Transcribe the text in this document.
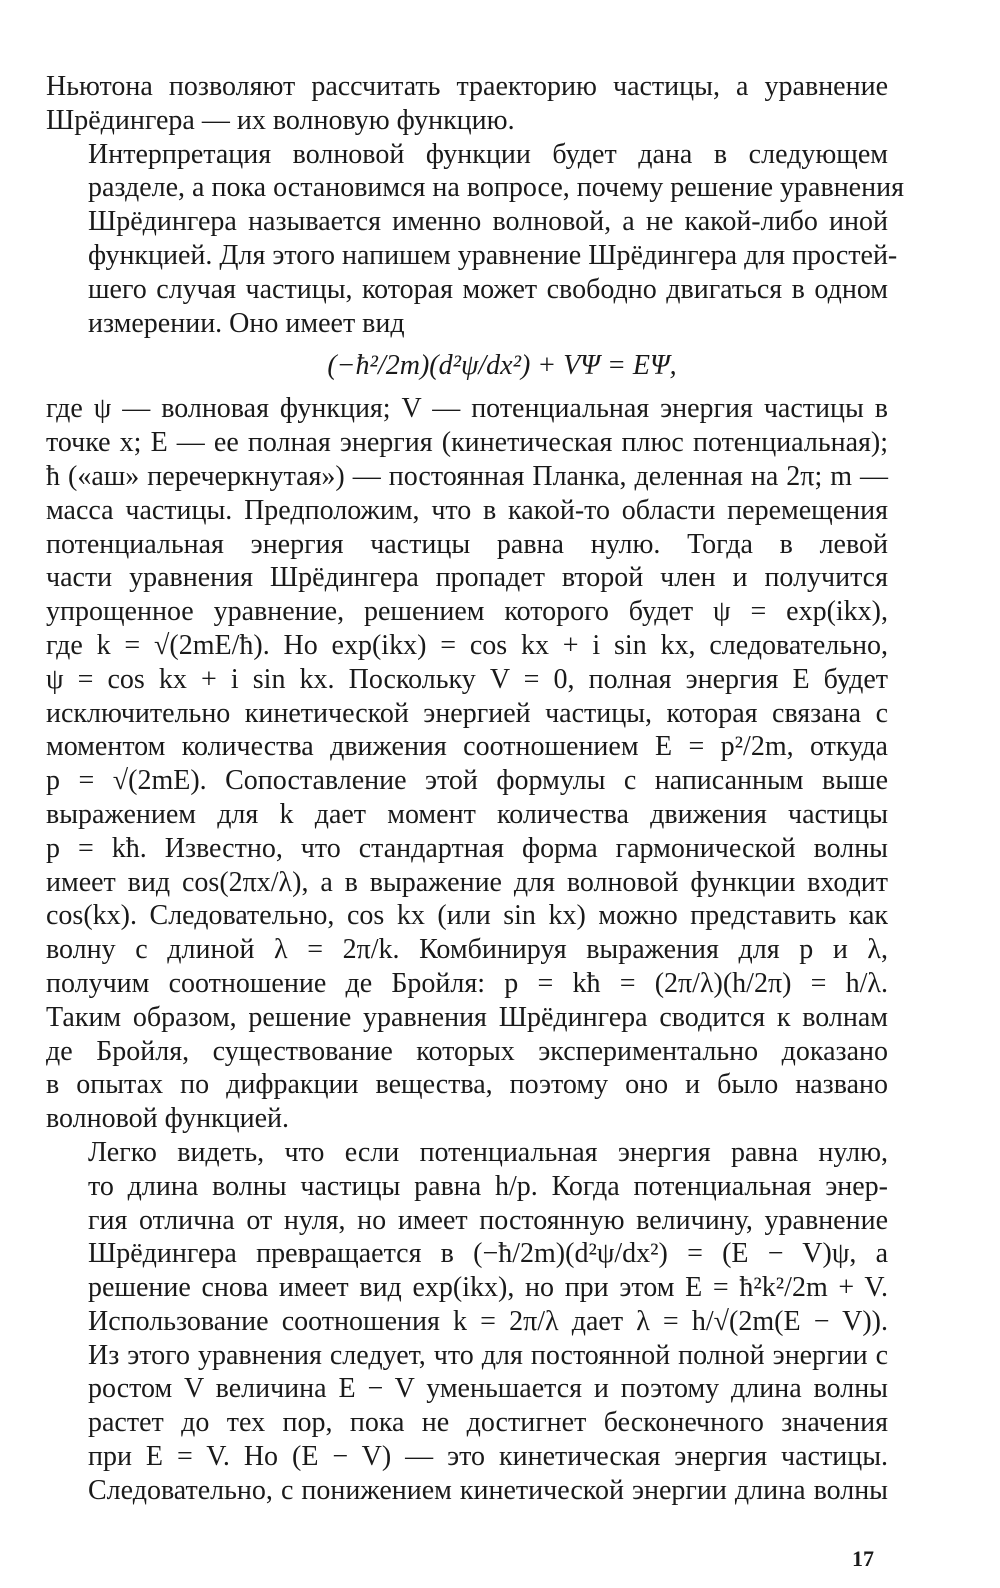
Ньютона позволяют рассчитать траекторию частицы, а уравнение
Шрёдингера — их волновую функцию.

Интерпретация волновой функции будет дана в следующем
разделе, а пока остановимся на вопросе, почему решение уравнения
Шрёдингера называется именно волновой, а не какой-либо иной
функцией. Для этого напишем уравнение Шрёдингера для простей-
шего случая частицы, которая может свободно двигаться в одном
измерении. Оно имеет вид

(−ħ²/2m)(d²ψ/dx²) + VΨ = EΨ,

где ψ — волновая функция; V — потенциальная энергия частицы в
точке x; E — ее полная энергия (кинетическая плюс потенциальная);
ħ («аш» перечеркнутая») — постоянная Планка, деленная на 2π; m —
масса частицы. Предположим, что в какой-то области перемещения
потенциальная энергия частицы равна нулю. Тогда в левой
части уравнения Шрёдингера пропадет второй член и получится
упрощенное уравнение, решением которого будет ψ = exp(ikx),
где k = √(2mE/ħ). Но exp(ikx) = cos kx + i sin kx, следовательно,
ψ = cos kx + i sin kx. Поскольку V = 0, полная энергия E будет
исключительно кинетической энергией частицы, которая связана с
моментом количества движения соотношением E = p²/2m, откуда
p = √(2mE). Сопоставление этой формулы с написанным выше
выражением для k дает момент количества движения частицы
p = kħ. Известно, что стандартная форма гармонической волны
имеет вид cos(2πx/λ), а в выражение для волновой функции входит
cos(kx). Следовательно, cos kx (или sin kx) можно представить как
волну с длиной λ = 2π/k. Комбинируя выражения для p и λ,
получим соотношение де Бройля: p = kħ = (2π/λ)(h/2π) = h/λ.
Таким образом, решение уравнения Шрёдингера сводится к волнам
де Бройля, существование которых экспериментально доказано
в опытах по дифракции вещества, поэтому оно и было названо
волновой функцией.

Легко видеть, что если потенциальная энергия равна нулю,
то длина волны частицы равна h/p. Когда потенциальная энер-
гия отлична от нуля, но имеет постоянную величину, уравнение
Шрёдингера превращается в (−ħ/2m)(d²ψ/dx²) = (E − V)ψ, а
решение снова имеет вид exp(ikx), но при этом E = ħ²k²/2m + V.
Использование соотношения k = 2π/λ дает λ = h/√(2m(E − V)).
Из этого уравнения следует, что для постоянной полной энергии с
ростом V величина E − V уменьшается и поэтому длина волны
растет до тех пор, пока не достигнет бесконечного значения
при E = V. Но (E − V) — это кинетическая энергия частицы.
Следовательно, с понижением кинетической энергии длина волны

17
